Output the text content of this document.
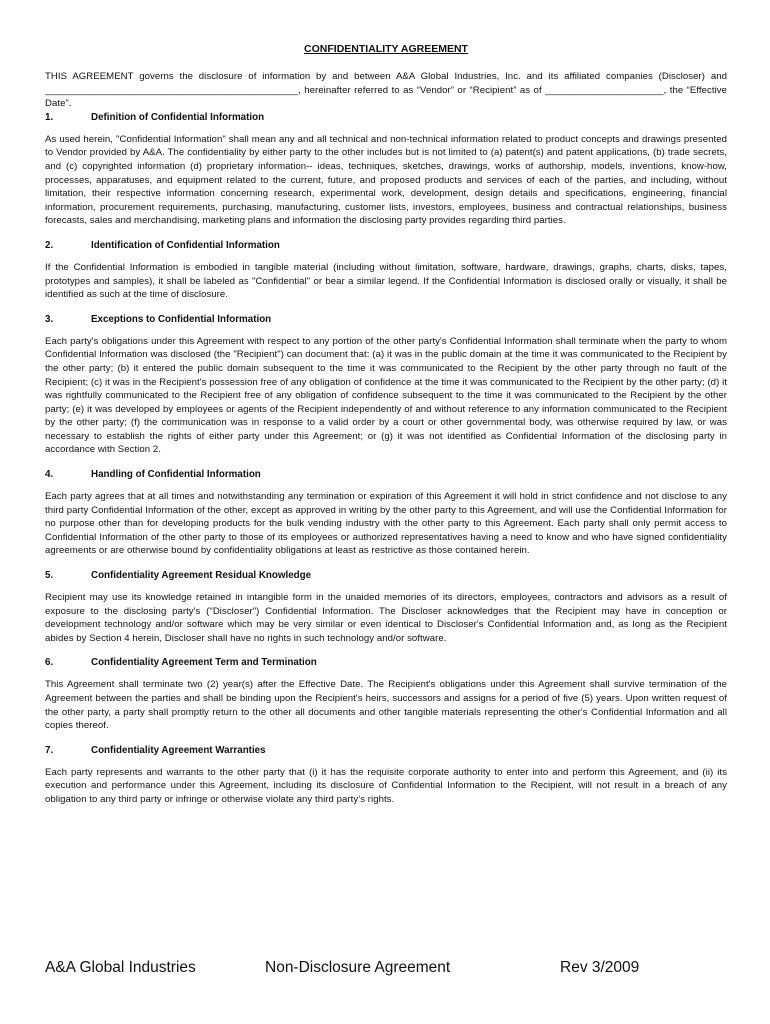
CONFIDENTIALITY AGREEMENT

THIS AGREEMENT governs the disclosure of information by and between A&A Global Industries, Inc. and its affiliated companies (Discloser) and _______________________________________________, hereinafter referred to as “Vendor” or “Recipient” as of ______________________, the “Effective Date”.

1.	Definition of Confidential Information

As used herein, "Confidential Information" shall mean any and all technical and non-technical information related to product concepts and drawings presented to Vendor provided by A&A. The confidentiality by either party to the other includes but is not limited to (a) patent(s) and patent applications, (b) trade secrets, and (c) copyrighted information (d) proprietary information-- ideas, techniques, sketches, drawings, works of authorship, models, inventions, know-how, processes, apparatuses, and equipment related to the current, future, and proposed products and services of each of the parties, and including, without limitation, their respective information concerning research, experimental work, development, design details and specifications, engineering, financial information, procurement requirements, purchasing, manufacturing, customer lists, investors, employees, business and contractual relationships, business forecasts, sales and merchandising, marketing plans and information the disclosing party provides regarding third parties.

2.	Identification of Confidential Information

If the Confidential Information is embodied in tangible material (including without limitation, software, hardware, drawings, graphs, charts, disks, tapes, prototypes and samples), it shall be labeled as "Confidential" or bear a similar legend. If the Confidential Information is disclosed orally or visually, it shall be identified as such at the time of disclosure.

3.	Exceptions to Confidential Information

Each party's obligations under this Agreement with respect to any portion of the other party's Confidential Information shall terminate when the party to whom Confidential Information was disclosed (the "Recipient") can document that: (a) it was in the public domain at the time it was communicated to the Recipient by the other party; (b) it entered the public domain subsequent to the time it was communicated to the Recipient by the other party through no fault of the Recipient; (c) it was in the Recipient's possession free of any obligation of confidence at the time it was communicated to the Recipient by the other party; (d) it was rightfully communicated to the Recipient free of any obligation of confidence subsequent to the time it was communicated to the Recipient by the other party; (e) it was developed by employees or agents of the Recipient independently of and without reference to any information communicated to the Recipient by the other party; (f) the communication was in response to a valid order by a court or other governmental body, was otherwise required by law, or was necessary to establish the rights of either party under this Agreement; or (g) it was not identified as Confidential Information of the disclosing party in accordance with Section 2.

4.	Handling of Confidential Information

Each party agrees that at all times and notwithstanding any termination or expiration of this Agreement it will hold in strict confidence and not disclose to any third party Confidential Information of the other, except as approved in writing by the other party to this Agreement, and will use the Confidential Information for no purpose other than for developing products for the bulk vending industry with the other party to this Agreement. Each party shall only permit access to Confidential Information of the other party to those of its employees or authorized representatives having a need to know and who have signed confidentiality agreements or are otherwise bound by confidentiality obligations at least as restrictive as those contained herein.

5.	Confidentiality Agreement Residual Knowledge

Recipient may use its knowledge retained in intangible form in the unaided memories of its directors, employees, contractors and advisors as a result of exposure to the disclosing party's ("Discloser") Confidential Information. The Discloser acknowledges that the Recipient may have in conception or development technology and/or software which may be very similar or even identical to Discloser's Confidential Information and, as long as the Recipient abides by Section 4 herein, Discloser shall have no rights in such technology and/or software.

6.	Confidentiality Agreement Term and Termination

This Agreement shall terminate two (2) year(s) after the Effective Date. The Recipient's obligations under this Agreement shall survive termination of the Agreement between the parties and shall be binding upon the Recipient's heirs, successors and assigns for a period of five (5) years. Upon written request of the other party, a party shall promptly return to the other all documents and other tangible materials representing the other's Confidential Information and all copies thereof.

7.	Confidentiality Agreement Warranties

Each party represents and warrants to the other party that (i) it has the requisite corporate authority to enter into and perform this Agreement, and (ii) its execution and performance under this Agreement, including its disclosure of Confidential Information to the Recipient, will not result in a breach of any obligation to any third party or infringe or otherwise violate any third party’s rights.

A&A Global Industries	Non-Disclosure Agreement	Rev 3/2009
